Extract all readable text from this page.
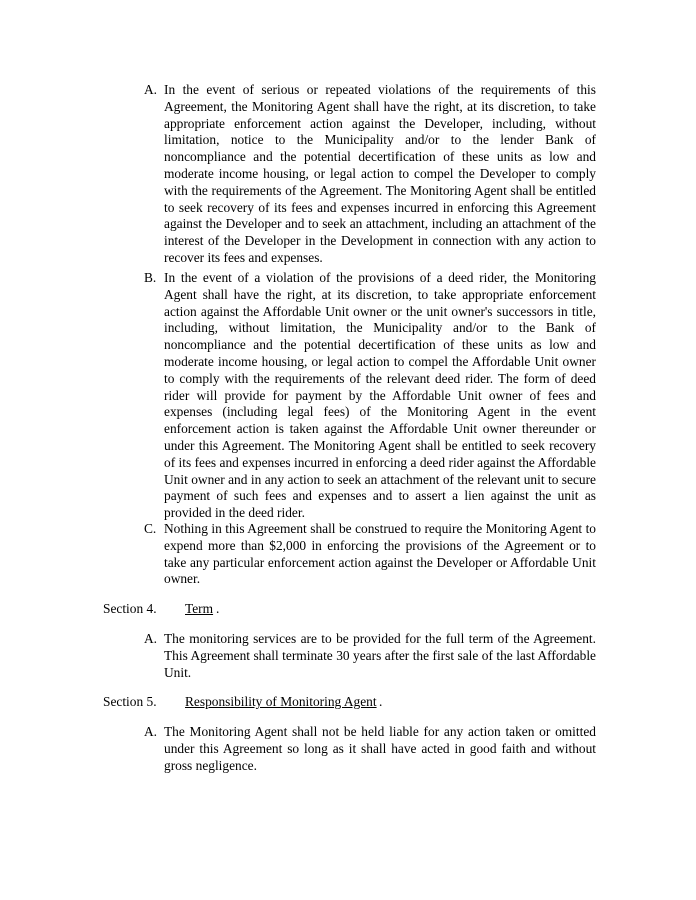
A. In the event of serious or repeated violations of the requirements of this Agreement, the Monitoring Agent shall have the right, at its discretion, to take appropriate enforcement action against the Developer, including, without limitation, notice to the Municipality and/or to the lender Bank of noncompliance and the potential decertification of these units as low and moderate income housing, or legal action to compel the Developer to comply with the requirements of the Agreement. The Monitoring Agent shall be entitled to seek recovery of its fees and expenses incurred in enforcing this Agreement against the Developer and to seek an attachment, including an attachment of the interest of the Developer in the Development in connection with any action to recover its fees and expenses.
B. In the event of a violation of the provisions of a deed rider, the Monitoring Agent shall have the right, at its discretion, to take appropriate enforcement action against the Affordable Unit owner or the unit owner's successors in title, including, without limitation, the Municipality and/or to the Bank of noncompliance and the potential decertification of these units as low and moderate income housing, or legal action to compel the Affordable Unit owner to comply with the requirements of the relevant deed rider. The form of deed rider will provide for payment by the Affordable Unit owner of fees and expenses (including legal fees) of the Monitoring Agent in the event enforcement action is taken against the Affordable Unit owner thereunder or under this Agreement. The Monitoring Agent shall be entitled to seek recovery of its fees and expenses incurred in enforcing a deed rider against the Affordable Unit owner and in any action to seek an attachment of the relevant unit to secure payment of such fees and expenses and to assert a lien against the unit as provided in the deed rider.
C. Nothing in this Agreement shall be construed to require the Monitoring Agent to expend more than $2,000 in enforcing the provisions of the Agreement or to take any particular enforcement action against the Developer or Affordable Unit owner.
Section 4. Term .
A. The monitoring services are to be provided for the full term of the Agreement. This Agreement shall terminate 30 years after the first sale of the last Affordable Unit.
Section 5. Responsibility of Monitoring Agent .
A. The Monitoring Agent shall not be held liable for any action taken or omitted under this Agreement so long as it shall have acted in good faith and without gross negligence.
